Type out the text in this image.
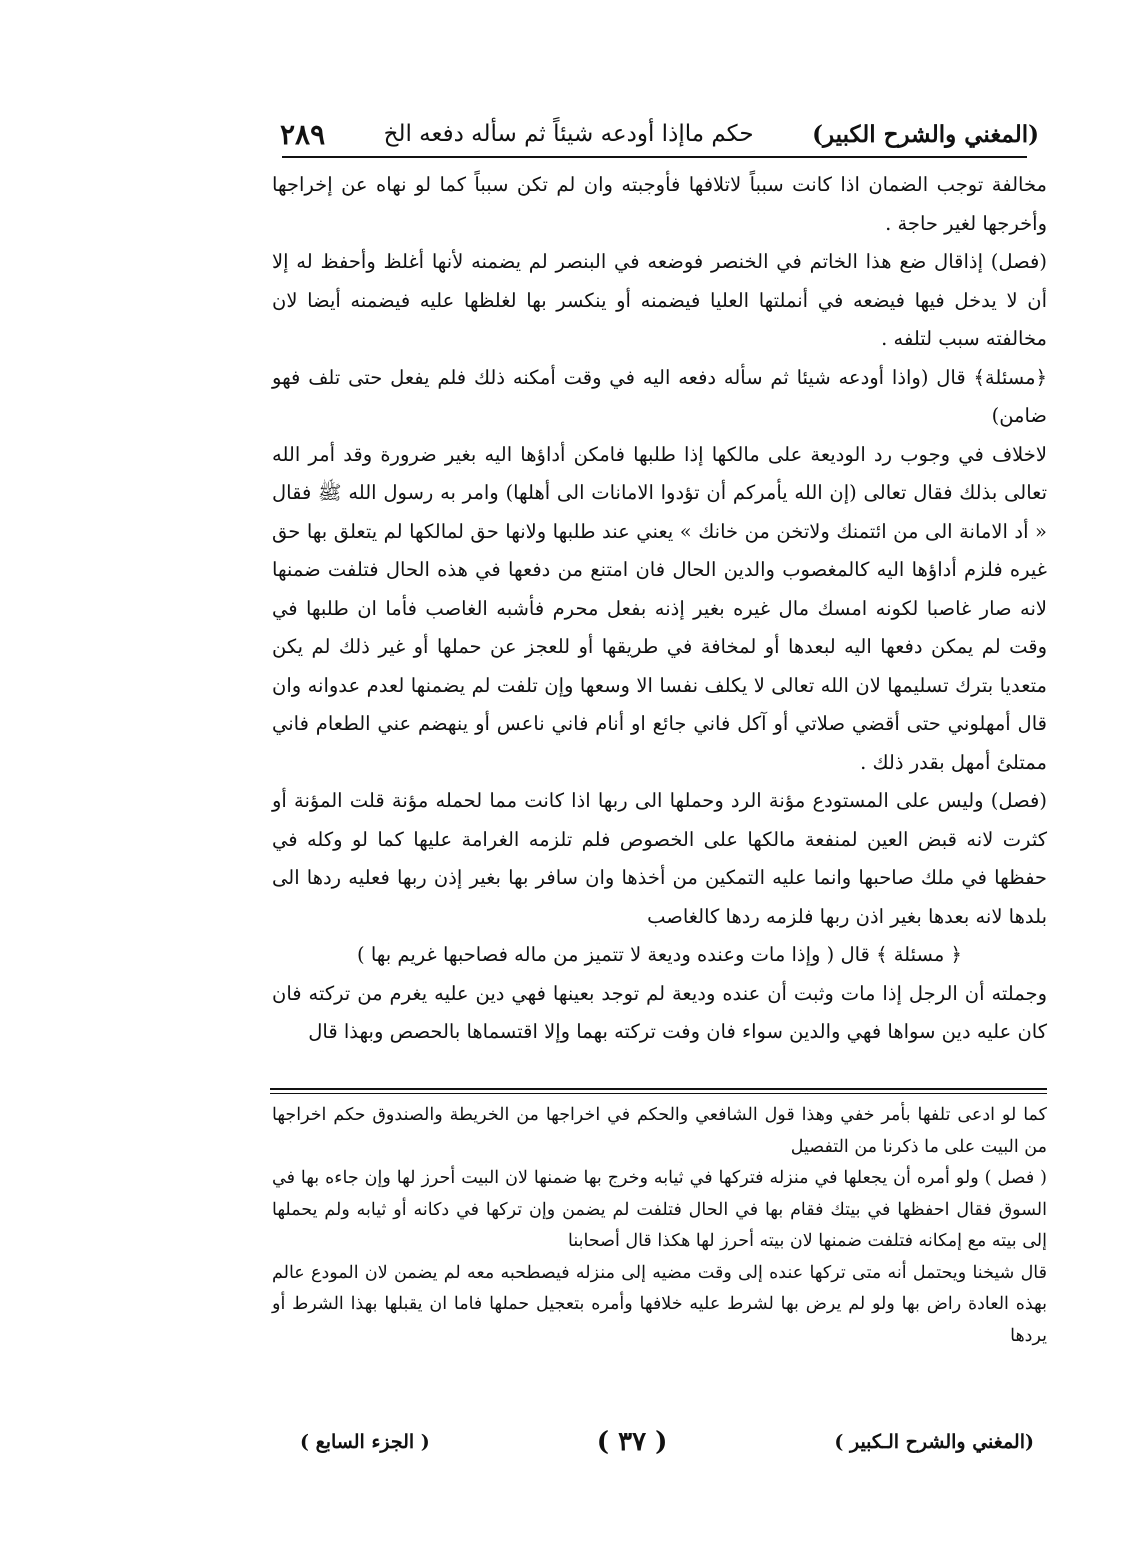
(المغني والشرح الكبير)
حكم ماإذا أودعه شيئاً ثم سأله دفعه الخ
٢٨٩

مخالفة توجب الضمان اذا كانت سبباً لاتلافها فأوجبته وان لم تكن سبباً كما لو نهاه عن إخراجها وأخرجها لغير حاجة .

(فصل) إذاقال ضع هذا الخاتم في الخنصر فوضعه في البنصر لم يضمنه لأنها أغلظ وأحفظ له إلا أن لا يدخل فيها فيضعه في أنملتها العليا فيضمنه أو ينكسر بها لغلظها عليه فيضمنه أيضا لان مخالفته سبب لتلفه .

﴿مسئلة﴾ قال (واذا أودعه شيئا ثم سأله دفعه اليه في وقت أمكنه ذلك فلم يفعل حتى تلف فهو ضامن)

لاخلاف في وجوب رد الوديعة على مالكها إذا طلبها فامكن أداؤها اليه بغير ضرورة وقد أمر الله تعالى بذلك فقال تعالى (إن الله يأمركم أن تؤدوا الامانات الى أهلها) وامر به رسول الله ﷺ فقال « أد الامانة الى من ائتمنك ولاتخن من خانك » يعني عند طلبها ولانها حق لمالكها لم يتعلق بها حق غيره فلزم أداؤها اليه كالمغصوب والدين الحال فان امتنع من دفعها في هذه الحال فتلفت ضمنها لانه صار غاصبا لكونه امسك مال غيره بغير إذنه بفعل محرم فأشبه الغاصب فأما ان طلبها في وقت لم يمكن دفعها اليه لبعدها أو لمخافة في طريقها أو للعجز عن حملها أو غير ذلك لم يكن متعديا بترك تسليمها لان الله تعالى لا يكلف نفسا الا وسعها وإن تلفت لم يضمنها لعدم عدوانه وان قال أمهلوني حتى أقضي صلاتي أو آكل فاني جائع او أنام فاني ناعس أو ينهضم عني الطعام فاني ممتلئ أمهل بقدر ذلك .

(فصل) وليس على المستودع مؤنة الرد وحملها الى ربها اذا كانت مما لحمله مؤنة قلت المؤنة أو كثرت لانه قبض العين لمنفعة مالكها على الخصوص فلم تلزمه الغرامة عليها كما لو وكله في حفظها في ملك صاحبها وانما عليه التمكين من أخذها وان سافر بها بغير إذن ربها فعليه ردها الى بلدها لانه بعدها بغير اذن ربها فلزمه ردها كالغاصب

﴿ مسئلة ﴾ قال ( وإذا مات وعنده وديعة لا تتميز من ماله فصاحبها غريم بها )

وجملته أن الرجل إذا مات وثبت أن عنده وديعة لم توجد بعينها فهي دين عليه يغرم من تركته فان كان عليه دين سواها فهي والدين سواء فان وفت تركته بهما وإلا اقتسماها بالحصص وبهذا قال

كما لو ادعى تلفها بأمر خفي وهذا قول الشافعي والحكم في اخراجها من الخريطة والصندوق حكم اخراجها من البيت على ما ذكرنا من التفصيل

( فصل ) ولو أمره أن يجعلها في منزله فتركها في ثيابه وخرج بها ضمنها لان البيت أحرز لها وإن جاءه بها في السوق فقال احفظها في بيتك فقام بها في الحال فتلفت لم يضمن وإن تركها في دكانه أو ثيابه ولم يحملها إلى بيته مع إمكانه فتلفت ضمنها لان بيته أحرز لها هكذا قال أصحابنا

قال شيخنا ويحتمل أنه متى تركها عنده إلى وقت مضيه إلى منزله فيصطحبه معه لم يضمن لان المودع عالم بهذه العادة راض بها ولو لم يرض بها لشرط عليه خلافها وأمره بتعجيل حملها فاما ان يقبلها بهذا الشرط أو يردها

(المغني والشرح الـكبير )
( ٣٧ )
( الجزء السابع )
